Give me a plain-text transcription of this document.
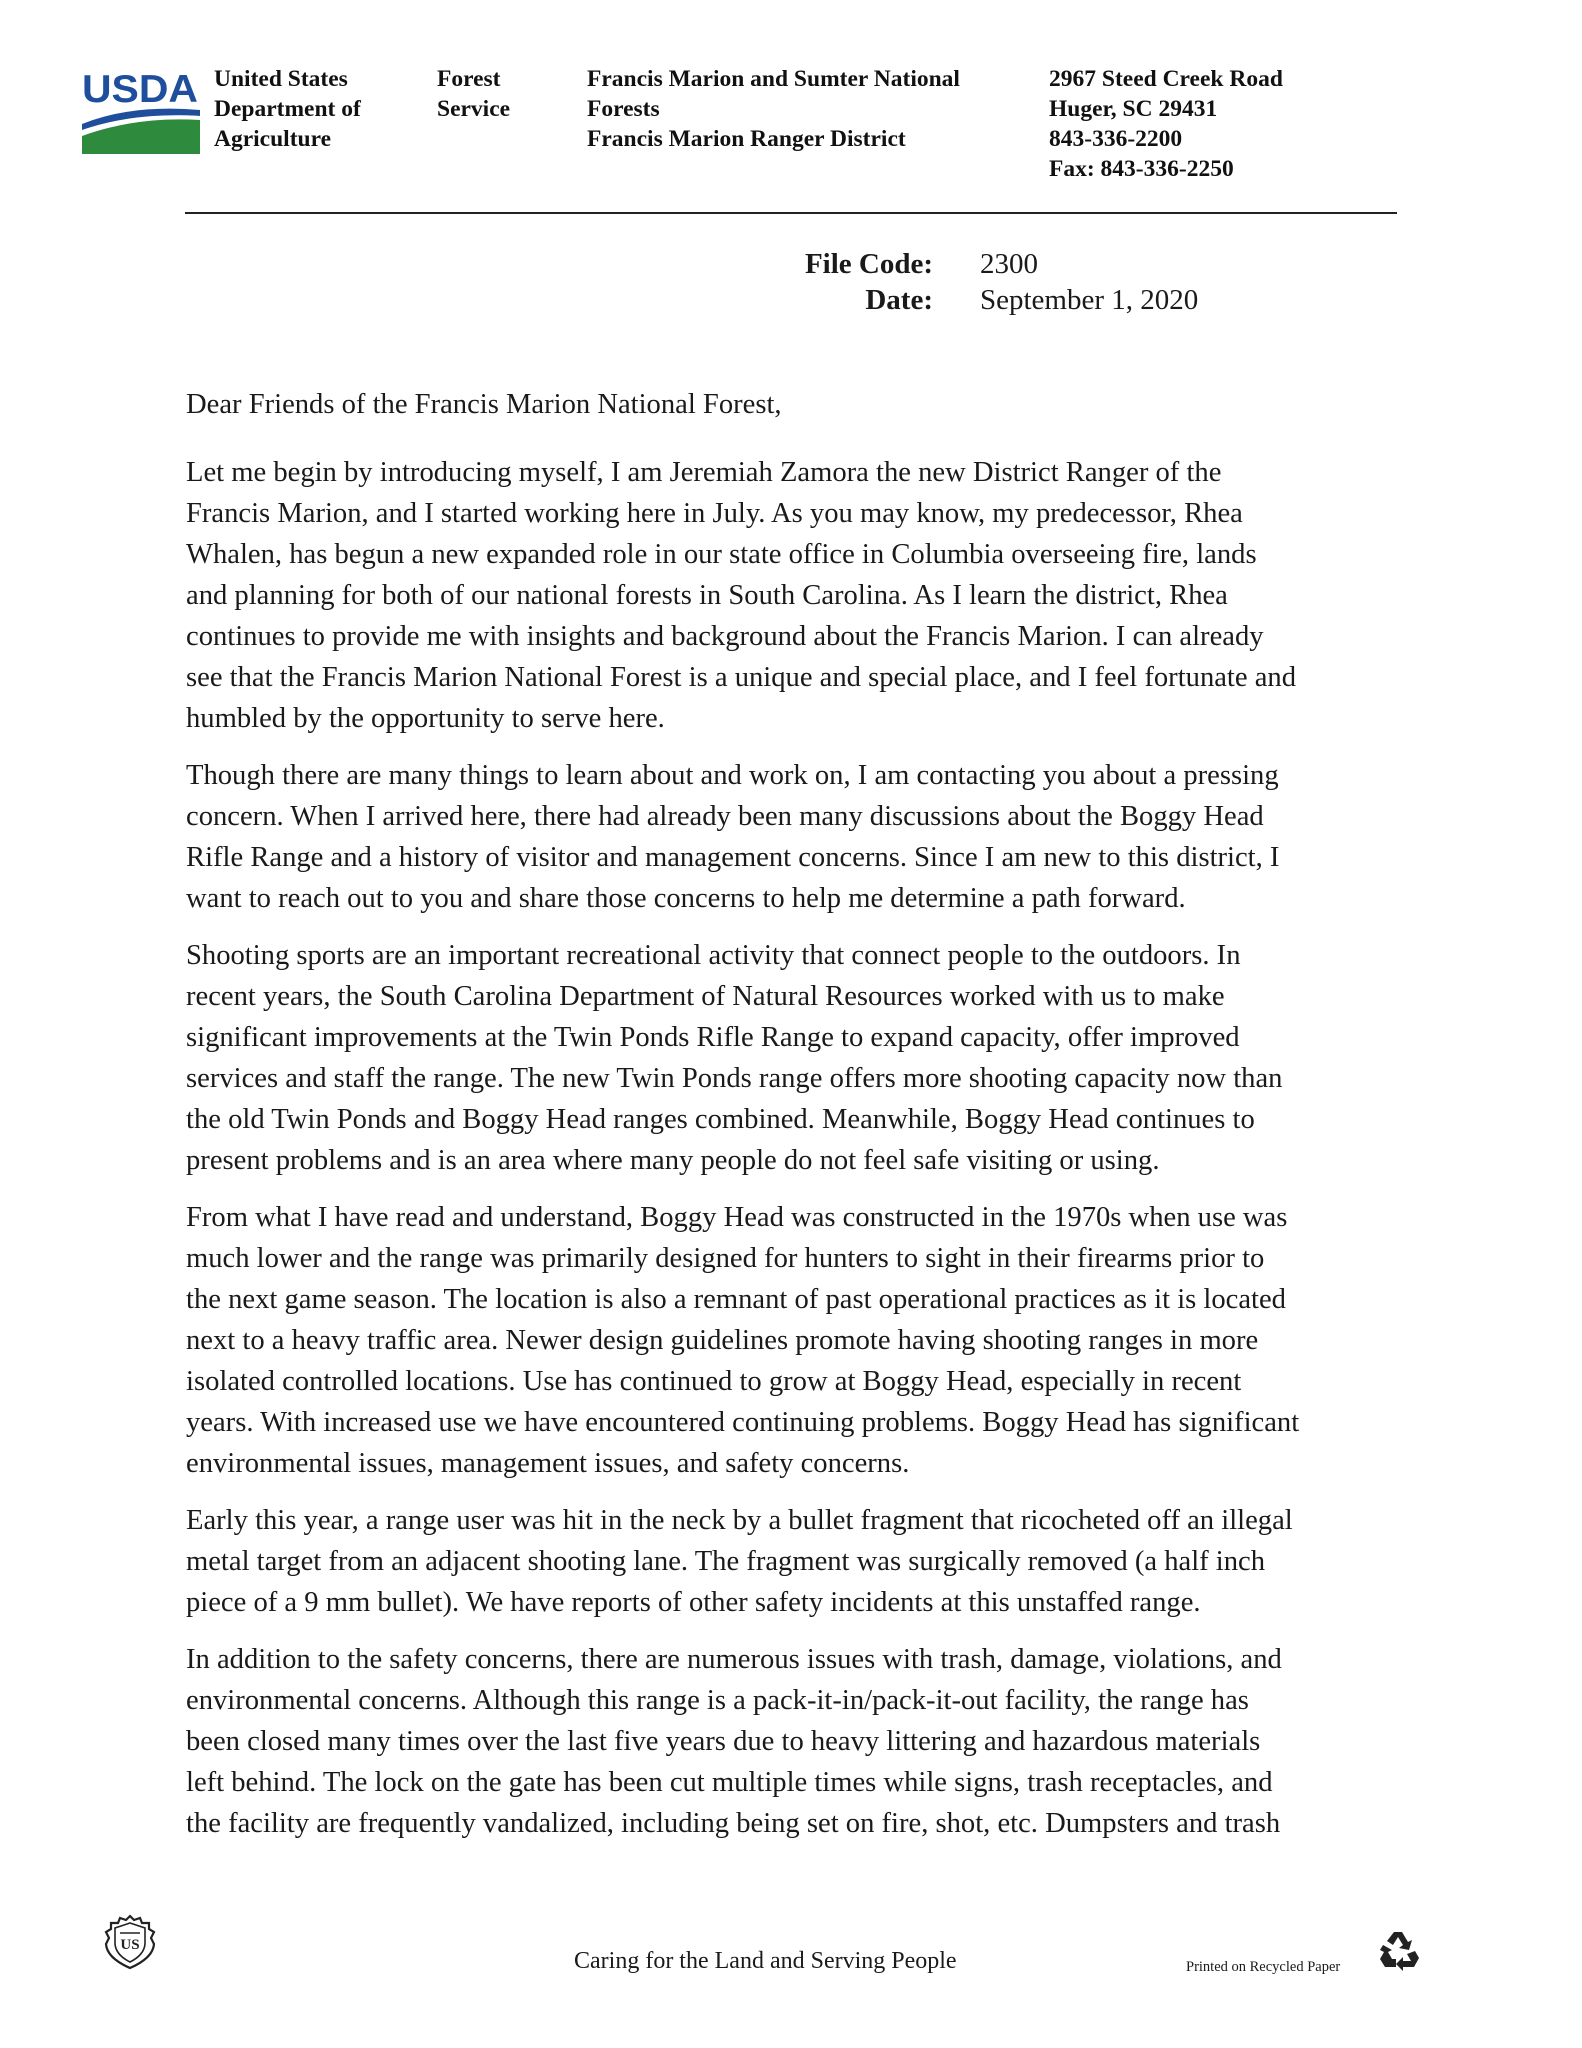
USDA United States
Department of
Agriculture
Forest
Service
Francis Marion and Sumter National
Forests
Francis Marion Ranger District
2967 Steed Creek Road
Huger, SC 29431
843-336-2200
Fax: 843-336-2250
File Code: 2300
Date: September 1, 2020

Dear Friends of the Francis Marion National Forest,

Let me begin by introducing myself, I am Jeremiah Zamora the new District Ranger of the
Francis Marion, and I started working here in July. As you may know, my predecessor, Rhea
Whalen, has begun a new expanded role in our state office in Columbia overseeing fire, lands
and planning for both of our national forests in South Carolina. As I learn the district, Rhea
continues to provide me with insights and background about the Francis Marion. I can already
see that the Francis Marion National Forest is a unique and special place, and I feel fortunate and
humbled by the opportunity to serve here.

Though there are many things to learn about and work on, I am contacting you about a pressing
concern. When I arrived here, there had already been many discussions about the Boggy Head
Rifle Range and a history of visitor and management concerns. Since I am new to this district, I
want to reach out to you and share those concerns to help me determine a path forward.

Shooting sports are an important recreational activity that connect people to the outdoors. In
recent years, the South Carolina Department of Natural Resources worked with us to make
significant improvements at the Twin Ponds Rifle Range to expand capacity, offer improved
services and staff the range. The new Twin Ponds range offers more shooting capacity now than
the old Twin Ponds and Boggy Head ranges combined. Meanwhile, Boggy Head continues to
present problems and is an area where many people do not feel safe visiting or using.

From what I have read and understand, Boggy Head was constructed in the 1970s when use was
much lower and the range was primarily designed for hunters to sight in their firearms prior to
the next game season. The location is also a remnant of past operational practices as it is located
next to a heavy traffic area. Newer design guidelines promote having shooting ranges in more
isolated controlled locations. Use has continued to grow at Boggy Head, especially in recent
years. With increased use we have encountered continuing problems. Boggy Head has significant
environmental issues, management issues, and safety concerns.

Early this year, a range user was hit in the neck by a bullet fragment that ricocheted off an illegal
metal target from an adjacent shooting lane. The fragment was surgically removed (a half inch
piece of a 9 mm bullet). We have reports of other safety incidents at this unstaffed range.

In addition to the safety concerns, there are numerous issues with trash, damage, violations, and
environmental concerns. Although this range is a pack-it-in/pack-it-out facility, the range has
been closed many times over the last five years due to heavy littering and hazardous materials
left behind. The lock on the gate has been cut multiple times while signs, trash receptacles, and
the facility are frequently vandalized, including being set on fire, shot, etc. Dumpsters and trash

US
Caring for the Land and Serving People	Printed on Recycled Paper
